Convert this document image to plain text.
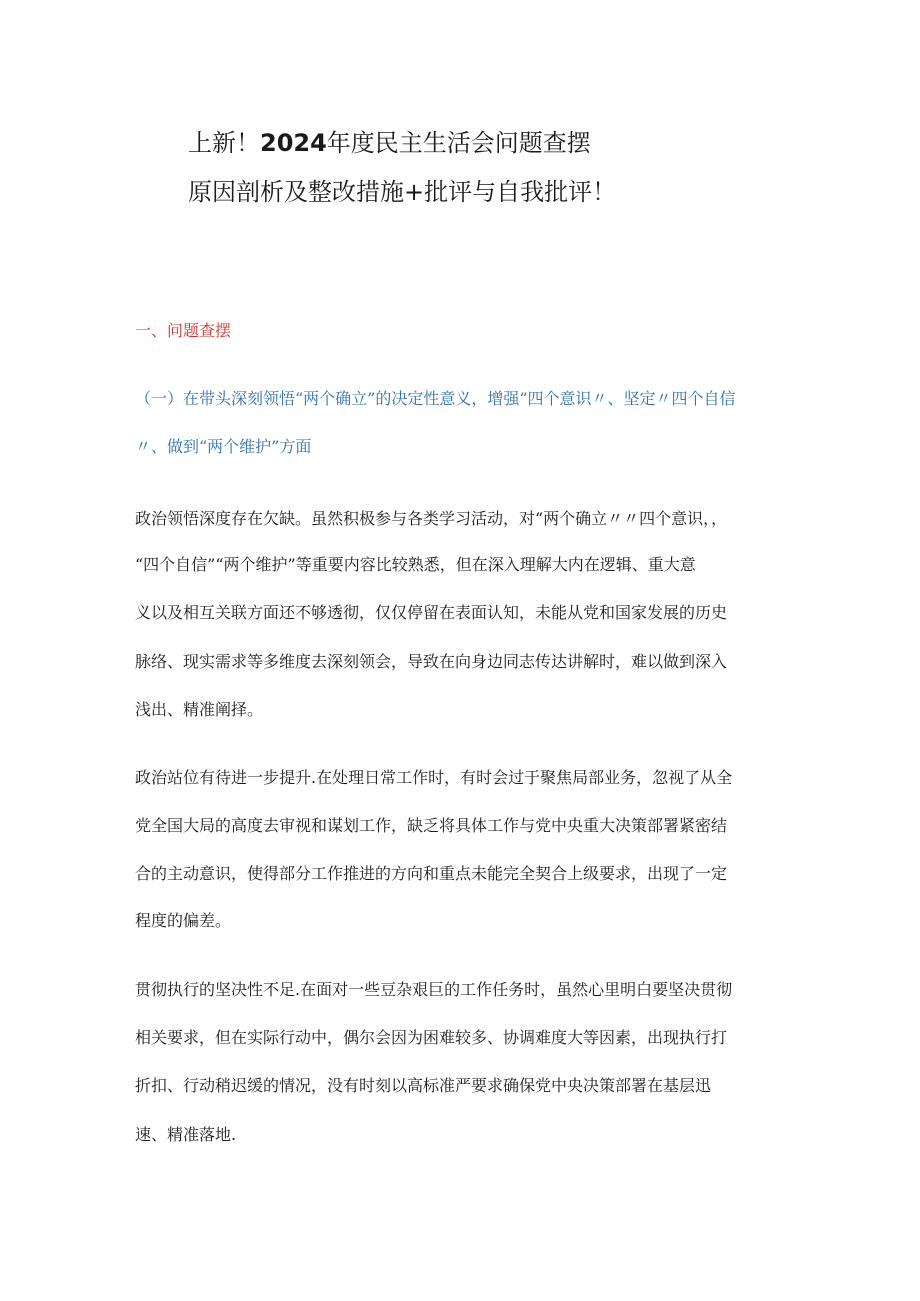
上新！2024年度民主生活会问题查摆
原因剖析及整改措施+批评与自我批评！
一、问题查摆

（一）在带头深刻领悟“两个确立”的决定性意义，增强“四个意识〃、坚定〃四个自信

〃、做到“两个维护”方面

政治领悟深度存在欠缺。虽然积极参与各类学习活动，对“两个确立〃〃四个意识，，

“四个自信”“两个维护”等重要内容比较熟悉，但在深入理解大内在逻辑、重大意

义以及相互关联方面还不够透彻，仅仅停留在表面认知，未能从党和国家发展的历史

脉络、现实需求等多维度去深刻领会，导致在向身边同志传达讲解时，难以做到深入

浅出、精准阐择。

政治站位有待进一步提升.在处理日常工作时，有时会过于聚焦局部业务，忽视了从全

党全国大局的高度去审视和谋划工作，缺乏将具体工作与党中央重大决策部署紧密结

合的主动意识，使得部分工作推进的方向和重点未能完全契合上级要求，出现了一定

程度的偏差。

贯彻执行的坚决性不足.在面对一些豆杂艰巨的工作任务时，虽然心里明白要坚决贯彻

相关要求，但在实际行动中，偶尔会因为困难较多、协调难度大等因素，出现执行打

折扣、行动稍迟缓的情况，没有时刻以高标准严要求确保党中央决策部署在基层迅

速、精准落地.
